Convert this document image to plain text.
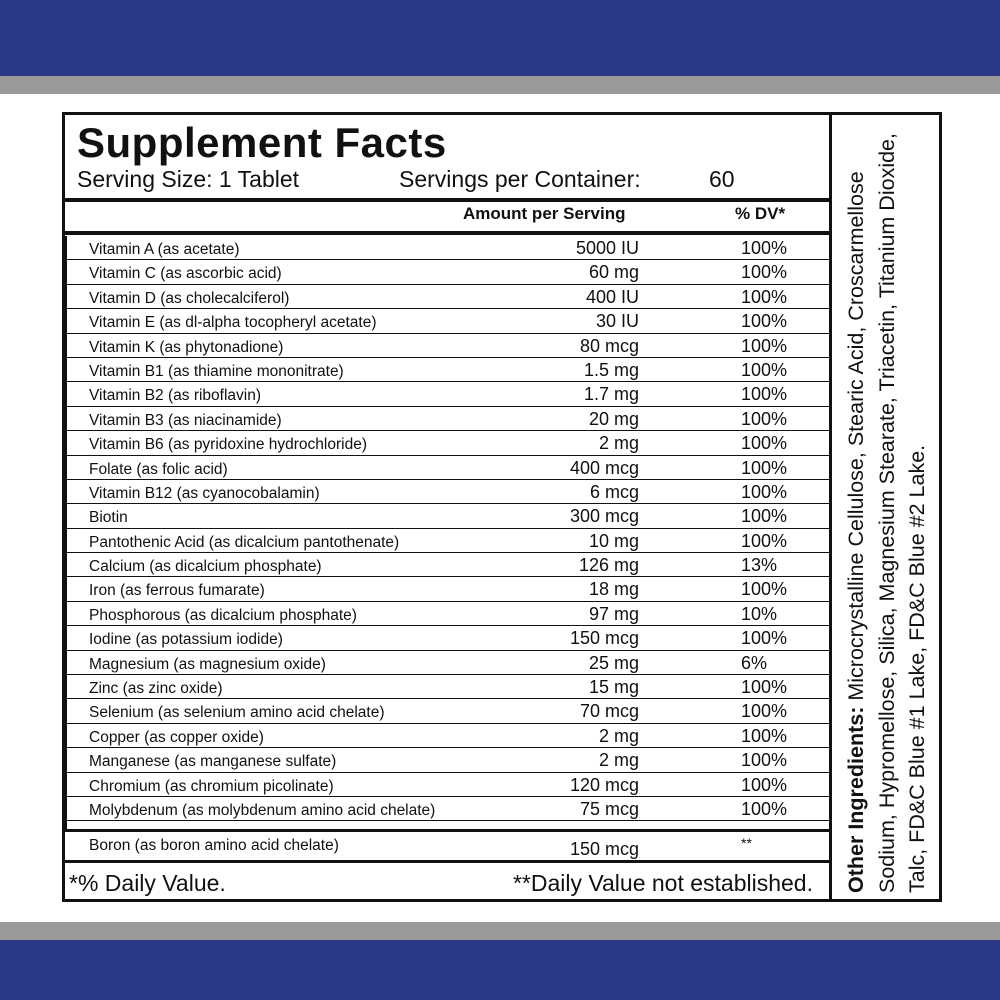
Supplement Facts
Serving Size: 1 Tablet	Servings per Container:	60
Amount per Serving	% DV*
Vitamin A (as acetate)	5000 IU	100%
Vitamin C (as ascorbic acid)	60 mg	100%
Vitamin D (as cholecalciferol)	400 IU	100%
Vitamin E (as dl-alpha tocopheryl acetate)	30 IU	100%
Vitamin K (as phytonadione)	80 mcg	100%
Vitamin B1 (as thiamine mononitrate)	1.5 mg	100%
Vitamin B2 (as riboflavin)	1.7 mg	100%
Vitamin B3 (as niacinamide)	20 mg	100%
Vitamin B6 (as pyridoxine hydrochloride)	2 mg	100%
Folate (as folic acid)	400 mcg	100%
Vitamin B12 (as cyanocobalamin)	6 mcg	100%
Biotin	300 mcg	100%
Pantothenic Acid (as dicalcium pantothenate)	10 mg	100%
Calcium (as dicalcium phosphate)	126 mg	13%
Iron (as ferrous fumarate)	18 mg	100%
Phosphorous (as dicalcium phosphate)	97 mg	10%
Iodine (as potassium iodide)	150 mcg	100%
Magnesium (as magnesium oxide)	25 mg	6%
Zinc (as zinc oxide)	15 mg	100%
Selenium (as selenium amino acid chelate)	70 mcg	100%
Copper (as copper oxide)	2 mg	100%
Manganese (as manganese sulfate)	2 mg	100%
Chromium (as chromium picolinate)	120 mcg	100%
Molybdenum (as molybdenum amino acid chelate)	75 mcg	100%
Boron (as boron amino acid chelate)	150 mcg	**
*% Daily Value.	**Daily Value not established. Other Ingredients: Microcrystalline Cellulose, Stearic Acid, Croscarmellose Sodium, Hypromellose, Silica, Magnesium Stearate, Triacetin, Titanium Dioxide, Talc, FD&C Blue #1 Lake, FD&C Blue #2 Lake.
